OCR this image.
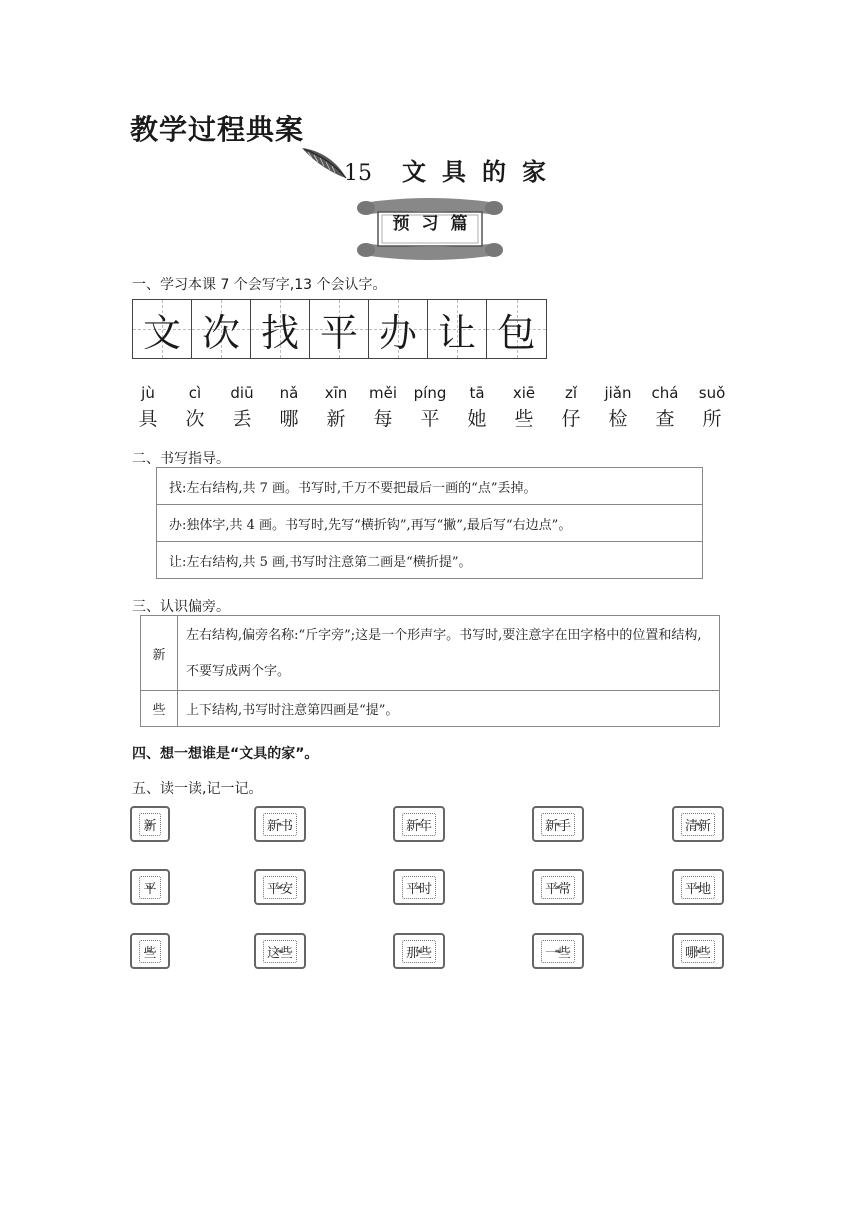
教学过程典案
15 文具的家
预习篇
一、学习本课 7 个会写字,13 个会认字。
文 次 找 平 办 让 包
jù
具
cì
次
diū
丢
nǎ
哪
xīn
新
měi
每
píng
平
tā
她
xiē
些
zǐ
仔
jiǎn
检
chá
查
suǒ
所
二、书写指导。
找:左右结构,共 7 画。书写时,千万不要把最后一画的“点”丢掉。
办:独体字,共 4 画。书写时,先写“横折钩”,再写“撇”,最后写“右边点”。
让:左右结构,共 5 画,书写时注意第二画是“横折提”。
三、认识偏旁。
新	左右结构,偏旁名称:“斤字旁”;这是一个形声字。书写时,要注意字在田字格中的位置和结构,不要写成两个字。
些	上下结构,书写时注意第四画是“提”。
四、想一想谁是“文具的家”。
五、读一读,记一记。
❧ 新
❧	❧ 新书
❧	❧ 新年
❧	❧ 新手
❧	❧ 清新
❧
❧ 平
❧	❧ 平安
❧	❧ 平时
❧	❧ 平常
❧	❧ 平地
❧
❧ 些
❧	❧ 这些
❧	❧ 那些
❧	❧ 一些
❧	❧ 哪些
❧
